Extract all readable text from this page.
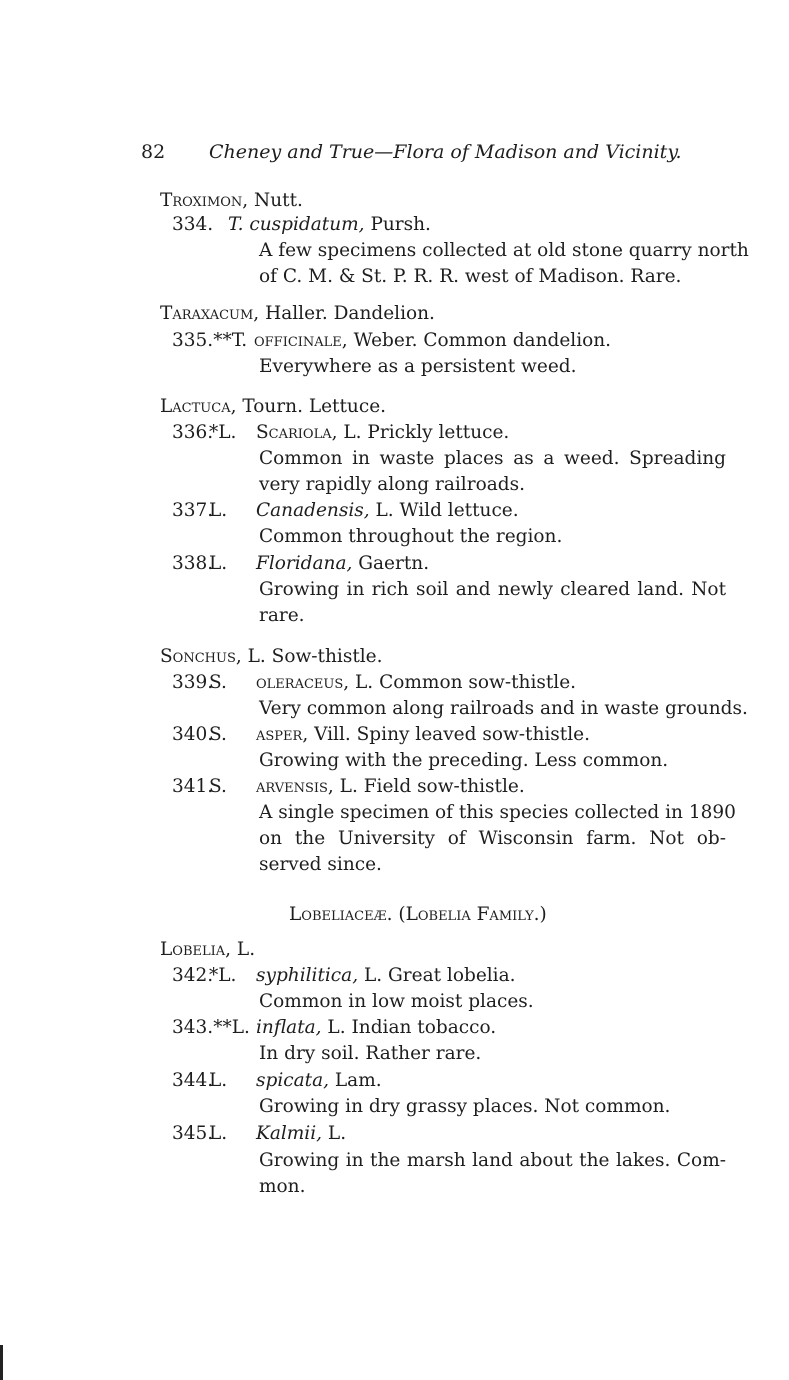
82 Cheney and True—Flora of Madison and Vicinity.
Troximon, Nutt.
334. T. cuspidatum, Pursh.
A few specimens collected at old stone quarry north
of C. M. & St. P. R. R. west of Madison. Rare.
Taraxacum, Haller. Dandelion.
335.**T. officinale, Weber. Common dandelion.
Everywhere as a persistent weed.
Lactuca, Tourn. Lettuce.
336.
*L. Scariola, L. Prickly lettuce.
Common in waste places as a weed. Spreading
very rapidly along railroads.
337.
L. Canadensis, L. Wild lettuce.
Common throughout the region.
338.
L. Floridana, Gaertn.
Growing in rich soil and newly cleared land. Not
rare.
Sonchus, L. Sow-thistle.
339.
S. oleraceus, L. Common sow-thistle.
Very common along railroads and in waste grounds.
340.
S. asper, Vill. Spiny leaved sow-thistle.
Growing with the preceding. Less common.
341.
S. arvensis, L. Field sow-thistle.
A single specimen of this species collected in 1890
on the University of Wisconsin farm. Not ob-
served since.
Lobeliaceæ. (Lobelia Family.)
Lobelia, L.
342.
*L. syphilitica, L. Great lobelia.
Common in low moist places.
343.**L. inflata, L. Indian tobacco.
In dry soil. Rather rare.
344.
L. spicata, Lam.
Growing in dry grassy places. Not common.
345.
L. Kalmii, L.
Growing in the marsh land about the lakes. Com-
mon.
